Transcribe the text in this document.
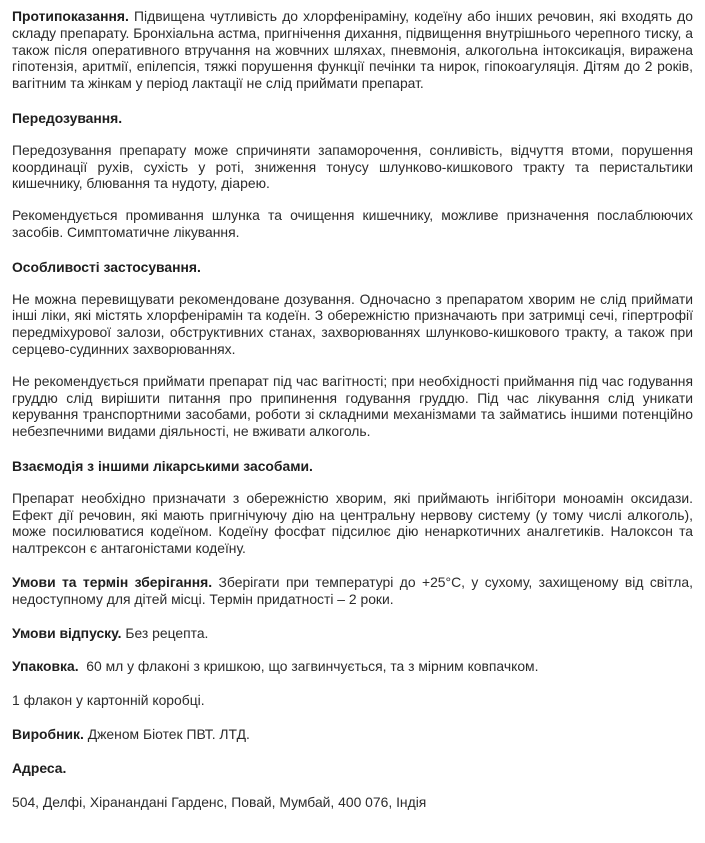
Протипоказання. Підвищена чутливість до хлорфеніраміну, кодеїну або інших речовин, які входять до складу препарату. Бронхіальна астма, пригнічення дихання, підвищення внутрішнього черепного тиску, а також після оперативного втручання на жовчних шляхах, пневмонія, алкогольна інтоксикація, виражена гіпотензія, аритмії, епілепсія, тяжкі порушення функції печінки та нирок, гіпокоагуляція. Дітям до 2 років, вагітним та жінкам у період лактації не слід приймати препарат.

Передозування.

Передозування препарату може спричиняти запаморочення, сонливість, відчуття втоми, порушення координації рухів, сухість у роті, зниження тонусу шлунково-кишкового тракту та перистальтики кишечнику, блювання та нудоту, діарею.

Рекомендується промивання шлунка та очищення кишечнику, можливе призначення послаблюючих засобів. Симптоматичне лікування.

Особливості застосування.

Не можна перевищувати рекомендоване дозування. Одночасно з препаратом хворим не слід приймати інші ліки, які містять хлорфенірамін та кодеїн. З обережністю призначають при затримці сечі, гіпертрофії передміхурової залози, обструктивних станах, захворюваннях шлунково-кишкового тракту, а також при серцево-судинних захворюваннях.

Не рекомендується приймати препарат під час вагітності; при необхідності приймання під час годування груддю слід вирішити питання про припинення годування груддю. Під час лікування слід уникати керування транспортними засобами, роботи зі складними механізмами та займатись іншими потенційно небезпечними видами діяльності, не вживати алкоголь.

Взаємодія з іншими лікарськими засобами.

Препарат необхідно призначати з обережністю хворим, які приймають інгібітори моноамін оксидази. Ефект дії речовин, які мають пригнічуючу дію на центральну нервову систему (у тому числі алкоголь), може посилюватися кодеїном. Кодеїну фосфат підсилює дію ненаркотичних аналгетиків. Налоксон та налтрексон є антагоністами кодеїну.

Умови та термін зберігання. Зберігати при температурі до +25°С, у сухому, захищеному від світла, недоступному для дітей місці. Термін придатності – 2 роки.

Умови відпуску. Без рецепта.

Упаковка.  60 мл у флаконі з кришкою, що загвинчується, та з мірним ковпачком.

1 флакон у картонній коробці.

Виробник. Дженом Біотек ПВТ. ЛТД.

Адреса.

504, Делфі, Хіранандані Гарденс, Повай, Мумбай, 400 076, Індія
